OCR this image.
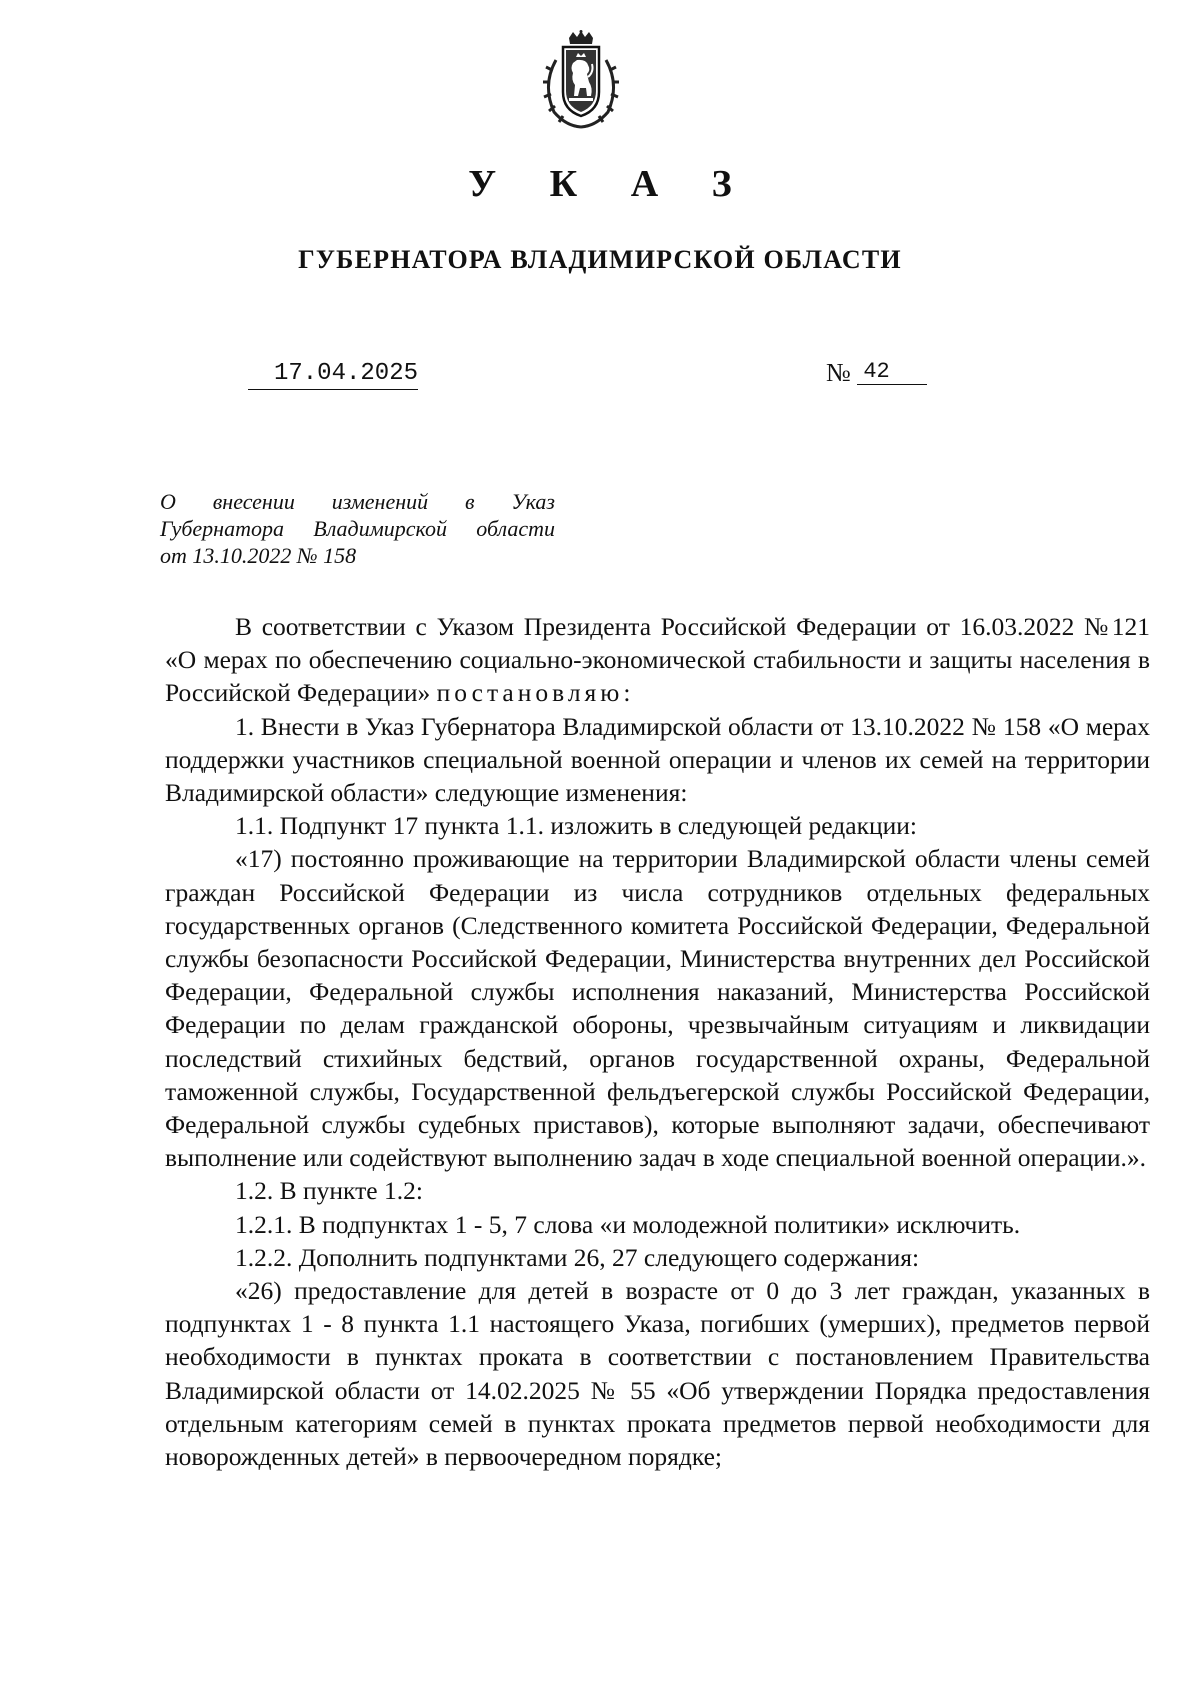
У К А З
ГУБЕРНАТОРА ВЛАДИМИРСКОЙ ОБЛАСТИ
17.04.2025	№ 42
О внесении изменений в Указ
Губернатора Владимирской области
от 13.10.2022 № 158

В соответствии с Указом Президента Российской Федерации от 16.03.2022 №121 «О мерах по обеспечению социально-экономической стабильности и защиты населения в Российской Федерации» постановляю:

1. Внести в Указ Губернатора Владимирской области от 13.10.2022 № 158 «О мерах поддержки участников специальной военной операции и членов их семей на территории Владимирской области» следующие изменения:

1.1. Подпункт 17 пункта 1.1. изложить в следующей редакции:

«17) постоянно проживающие на территории Владимирской области члены семей граждан Российской Федерации из числа сотрудников отдельных федеральных государственных органов (Следственного комитета Российской Федерации, Федеральной службы безопасности Российской Федерации, Министерства внутренних дел Российской Федерации, Федеральной службы исполнения наказаний, Министерства Российской Федерации по делам гражданской обороны, чрезвычайным ситуациям и ликвидации последствий стихийных бедствий, органов государственной охраны, Федеральной таможенной службы, Государственной фельдъегерской службы Российской Федерации, Федеральной службы судебных приставов), которые выполняют задачи, обеспечивают выполнение или содействуют выполнению задач в ходе специальной военной операции.».

1.2. В пункте 1.2:

1.2.1. В подпунктах 1 - 5, 7 слова «и молодежной политики» исключить.

1.2.2. Дополнить подпунктами 26, 27 следующего содержания:

«26) предоставление для детей в возрасте от 0 до 3 лет граждан, указанных в подпунктах 1 - 8 пункта 1.1 настоящего Указа, погибших (умерших), предметов первой необходимости в пунктах проката в соответствии с постановлением Правительства Владимирской области от 14.02.2025 № 55 «Об утверждении Порядка предоставления отдельным категориям семей в пунктах проката предметов первой необходимости для новорожденных детей» в первоочередном порядке;
